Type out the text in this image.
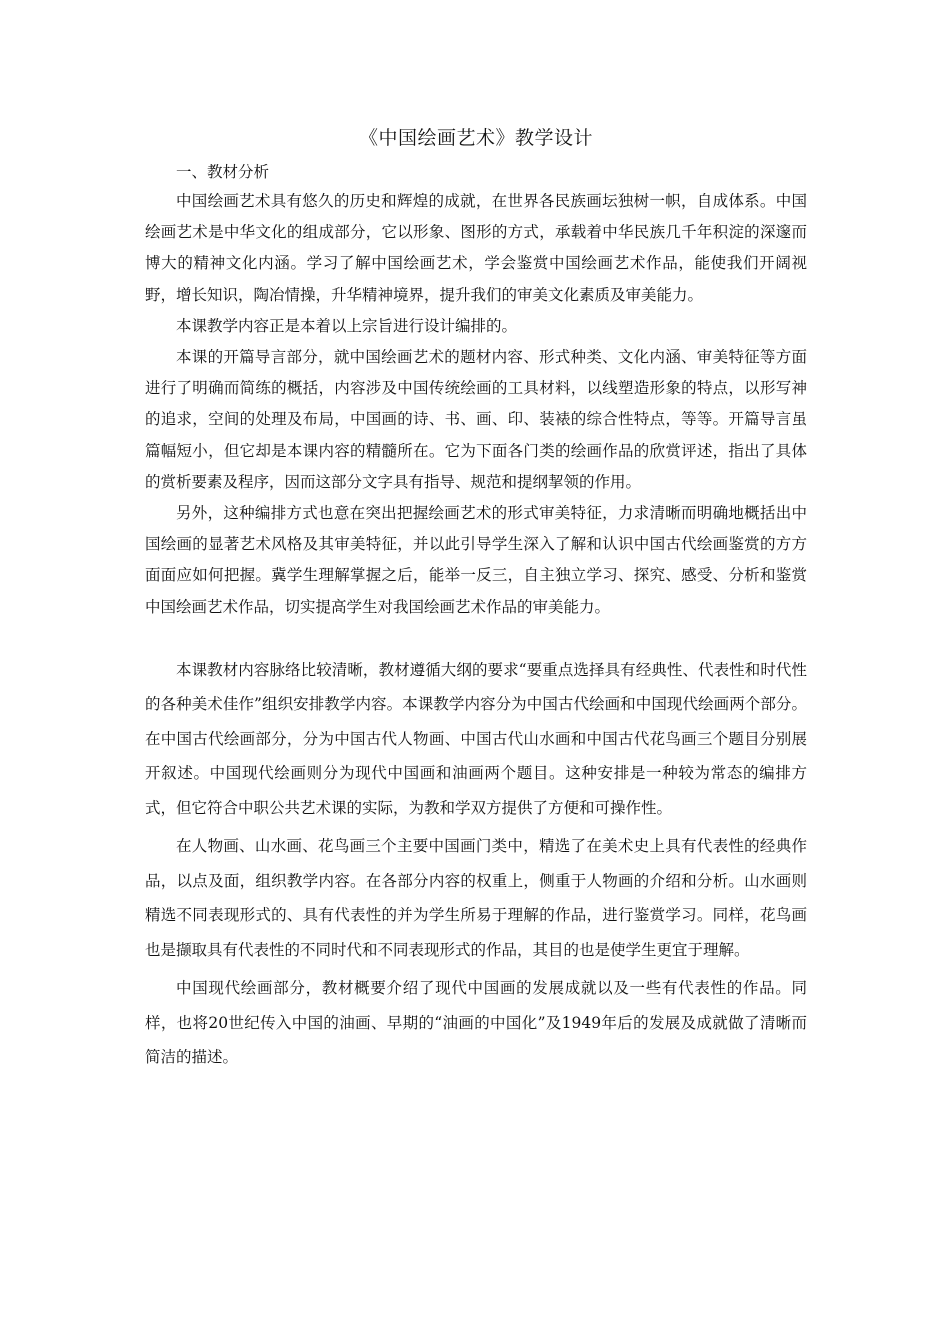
《中国绘画艺术》教学设计

一、教材分析

中国绘画艺术具有悠久的历史和辉煌的成就，在世界各民族画坛独树一帜，自成体系。中国绘画艺术是中华文化的组成部分，它以形象、图形的方式，承载着中华民族几千年积淀的深邃而博大的精神文化内涵。学习了解中国绘画艺术，学会鉴赏中国绘画艺术作品，能使我们开阔视野，增长知识，陶冶情操，升华精神境界，提升我们的审美文化素质及审美能力。

本课教学内容正是本着以上宗旨进行设计编排的。

本课的开篇导言部分，就中国绘画艺术的题材内容、形式种类、文化内涵、审美特征等方面进行了明确而简练的概括，内容涉及中国传统绘画的工具材料，以线塑造形象的特点，以形写神的追求，空间的处理及布局，中国画的诗、书、画、印、装裱的综合性特点，等等。开篇导言虽篇幅短小，但它却是本课内容的精髓所在。它为下面各门类的绘画作品的欣赏评述，指出了具体的赏析要素及程序，因而这部分文字具有指导、规范和提纲挈领的作用。

另外，这种编排方式也意在突出把握绘画艺术的形式审美特征，力求清晰而明确地概括出中国绘画的显著艺术风格及其审美特征，并以此引导学生深入了解和认识中国古代绘画鉴赏的方方面面应如何把握。冀学生理解掌握之后，能举一反三，自主独立学习、探究、感受、分析和鉴赏中国绘画艺术作品，切实提高学生对我国绘画艺术作品的审美能力。

本课教材内容脉络比较清晰，教材遵循大纲的要求“要重点选择具有经典性、代表性和时代性的各种美术佳作”组织安排教学内容。本课教学内容分为中国古代绘画和中国现代绘画两个部分。在中国古代绘画部分，分为中国古代人物画、中国古代山水画和中国古代花鸟画三个题目分别展开叙述。中国现代绘画则分为现代中国画和油画两个题目。这种安排是一种较为常态的编排方式，但它符合中职公共艺术课的实际，为教和学双方提供了方便和可操作性。

在人物画、山水画、花鸟画三个主要中国画门类中，精选了在美术史上具有代表性的经典作品，以点及面，组织教学内容。在各部分内容的权重上，侧重于人物画的介绍和分析。山水画则精选不同表现形式的、具有代表性的并为学生所易于理解的作品，进行鉴赏学习。同样，花鸟画也是撷取具有代表性的不同时代和不同表现形式的作品，其目的也是使学生更宜于理解。

中国现代绘画部分，教材概要介绍了现代中国画的发展成就以及一些有代表性的作品。同样，也将20世纪传入中国的油画、早期的“油画的中国化”及1949年后的发展及成就做了清晰而简洁的描述。
